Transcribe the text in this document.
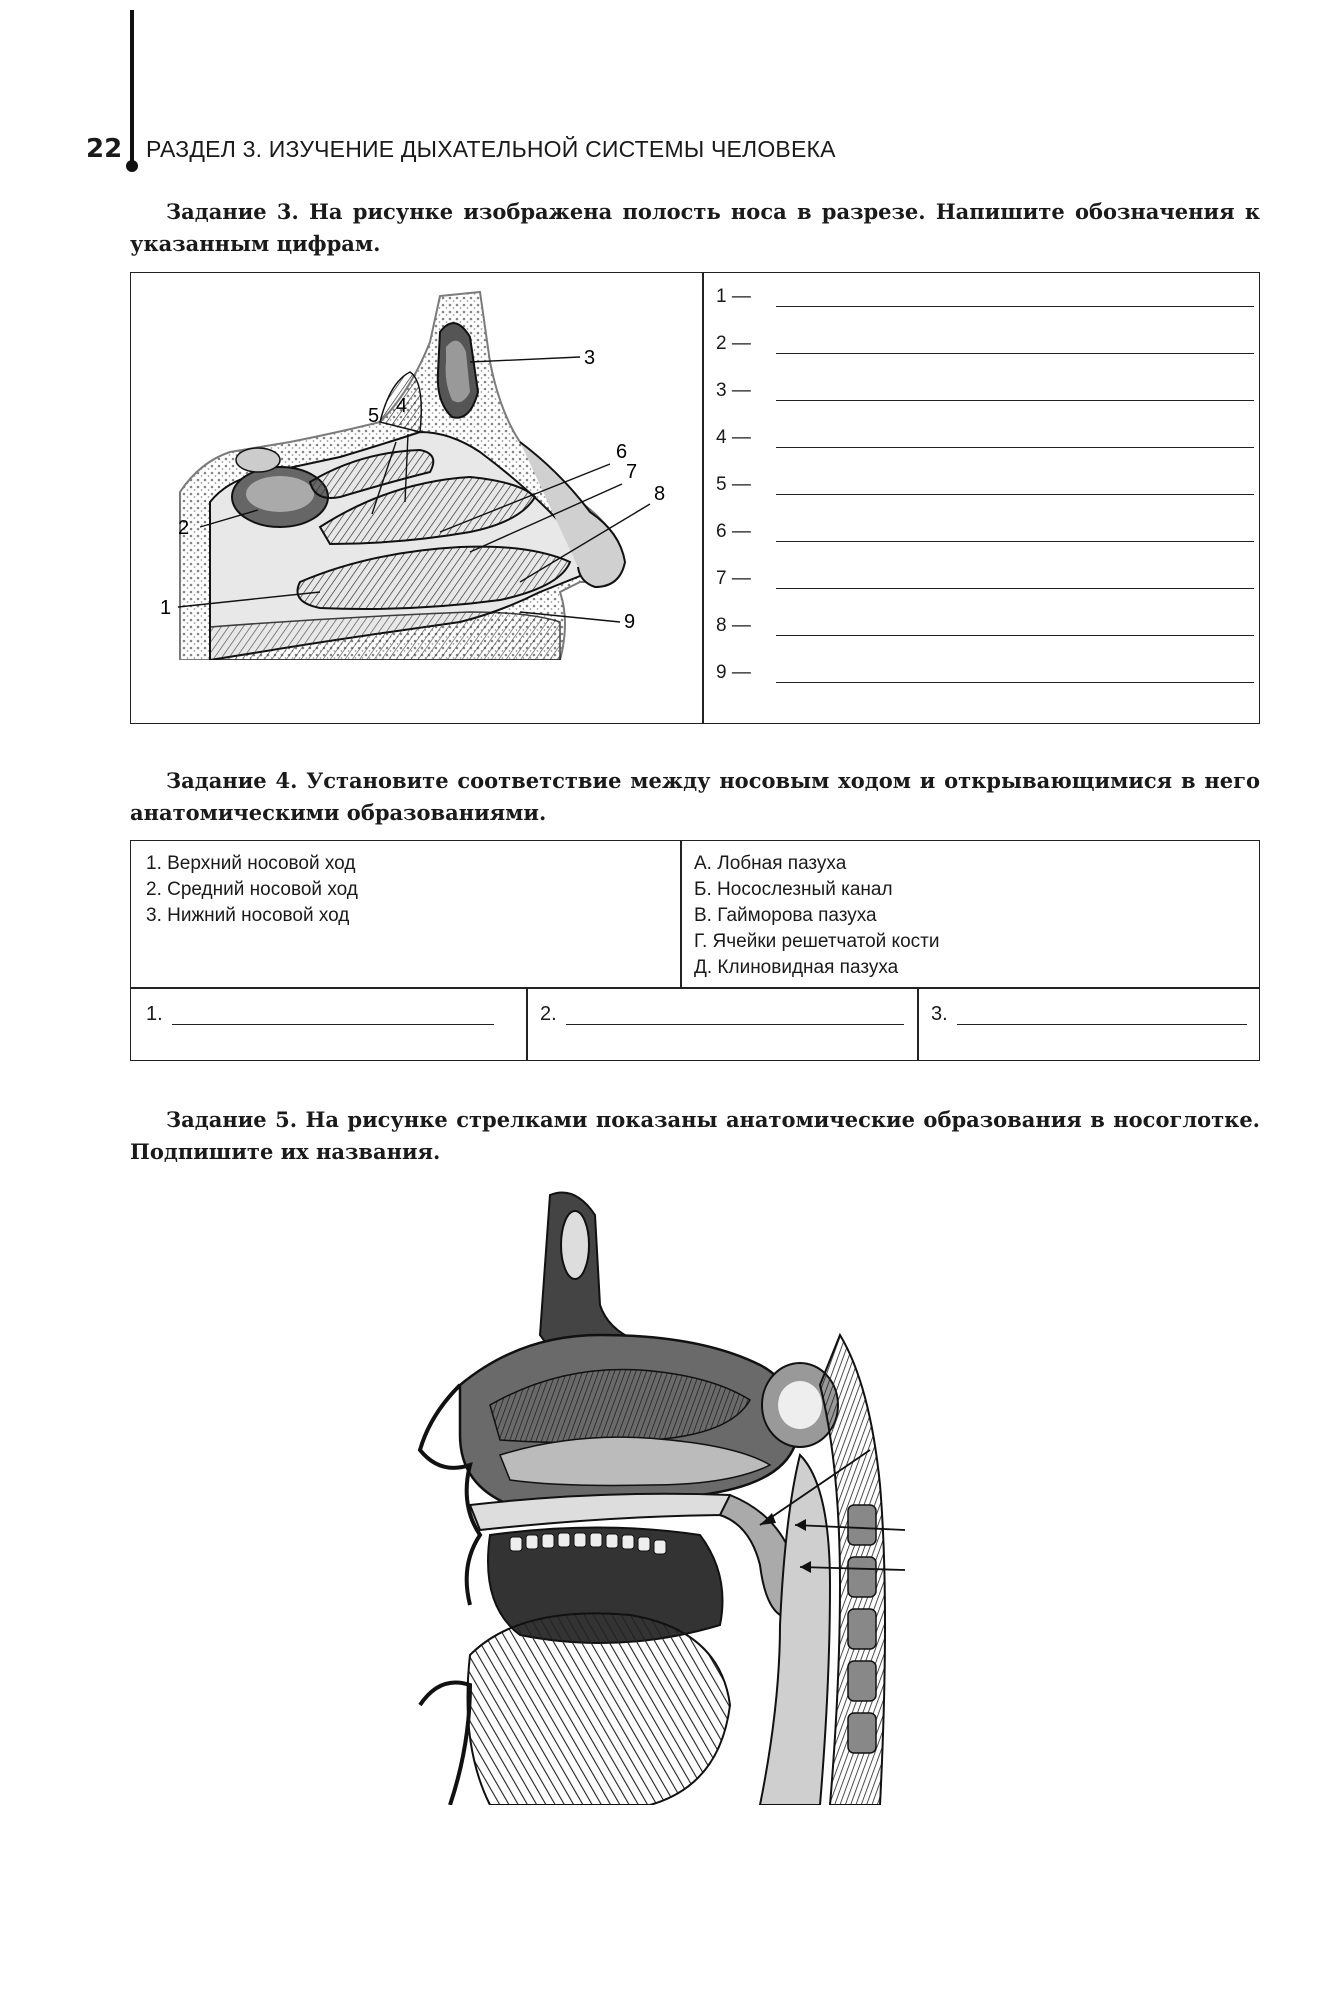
22 РАЗДЕЛ 3. ИЗУЧЕНИЕ ДЫХАТЕЛЬНОЙ СИСТЕМЫ ЧЕЛОВЕКА
Задание 3. На рисунке изображена полость носа в разрезе. Напишите обозначения к указанным цифрам.
1
2
3
4
5
6
7
8
9
1 —
2 —
3 —
4 —
5 —
6 —
7 —
8 —
9 —
Задание 4. Установите соответствие между носовым ходом и открывающимися в него анатомическими образованиями.
1. Верхний носовой ход
2. Средний носовой ход
3. Нижний носовой ход
А. Лобная пазуха
Б. Носослезный канал
В. Гайморова пазуха
Г. Ячейки решетчатой кости
Д. Клиновидная пазуха
1.	2.	3.
Задание 5. На рисунке стрелками показаны анатомические образования в носоглотке. Подпишите их названия.
